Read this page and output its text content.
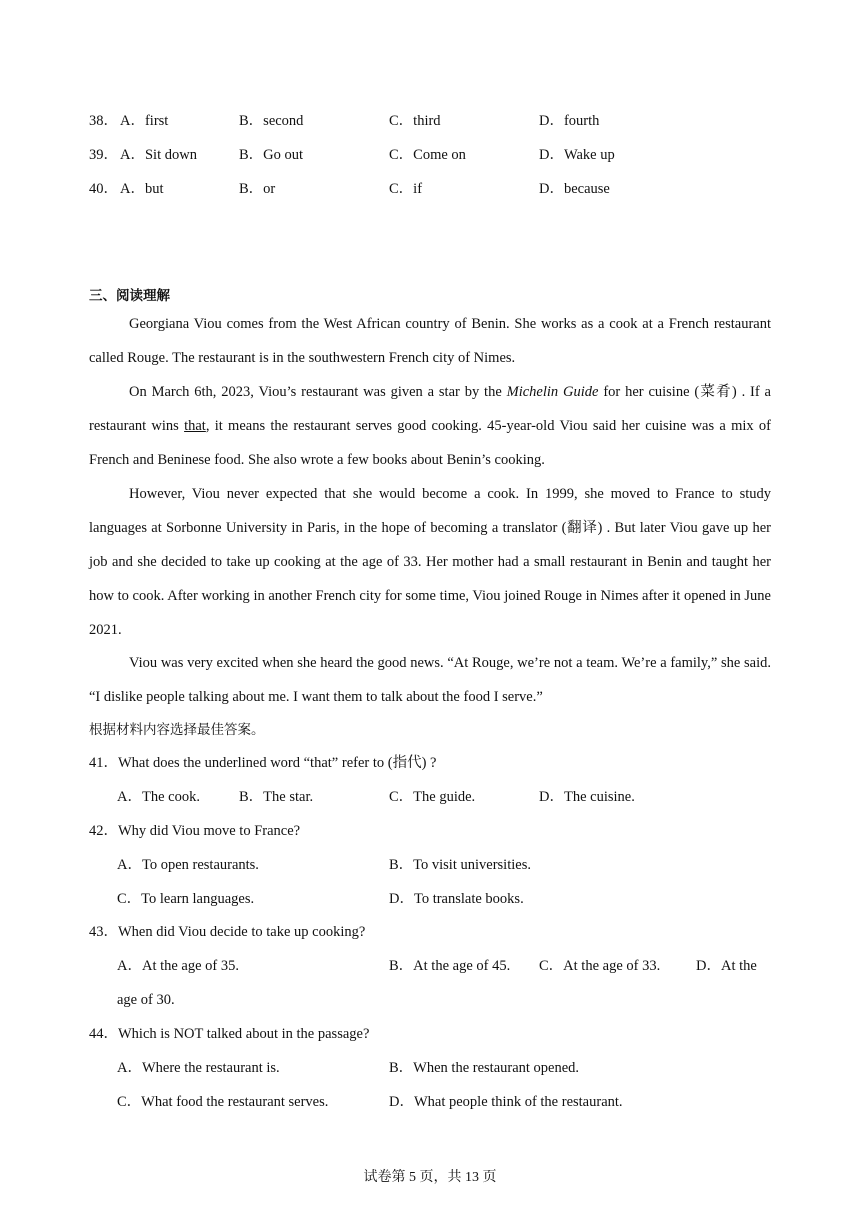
38． A．first	B．second	C．third	D．fourth
39． A．Sit down	B．Go out	C．Come on	D．Wake up
40． A．but	B．or	C．if	D．because
三、阅读理解
Georgiana Viou comes from the West African country of Benin. She works as a cook at a French restaurant called Rouge. The restaurant is in the southwestern French city of Nimes.
On March 6th, 2023, Viou’s restaurant was given a star by the Michelin Guide for her cuisine (菜肴) . If a restaurant wins that, it means the restaurant serves good cooking. 45-year-old Viou said her cuisine was a mix of French and Beninese food. She also wrote a few books about Benin’s cooking.
However, Viou never expected that she would become a cook. In 1999, she moved to France to study languages at Sorbonne University in Paris, in the hope of becoming a translator (翻译) . But later Viou gave up her job and she decided to take up cooking at the age of 33. Her mother had a small restaurant in Benin and taught her how to cook. After working in another French city for some time, Viou joined Rouge in Nimes after it opened in June 2021.
Viou was very excited when she heard the good news. “At Rouge, we’re not a team. We’re a family,” she said. “I dislike people talking about me. I want them to talk about the food I serve.”
根据材料内容选择最佳答案。
41．What does the underlined word “that” refer to (指代) ?
A．The cook.	B．The star.	C．The guide.	D．The cuisine.
42．Why did Viou move to France?
A．To open restaurants.	B．To visit universities.
C．To learn languages.	D．To translate books.
43．When did Viou decide to take up cooking?
A．At the age of 35.	B．At the age of 45. C．At the age of 33. D．At the
age of 30.
44．Which is NOT talked about in the passage?
A．Where the restaurant is.	B．When the restaurant opened.
C．What food the restaurant serves.	D．What people think of the restaurant.
试卷第 5 页，共 13 页
